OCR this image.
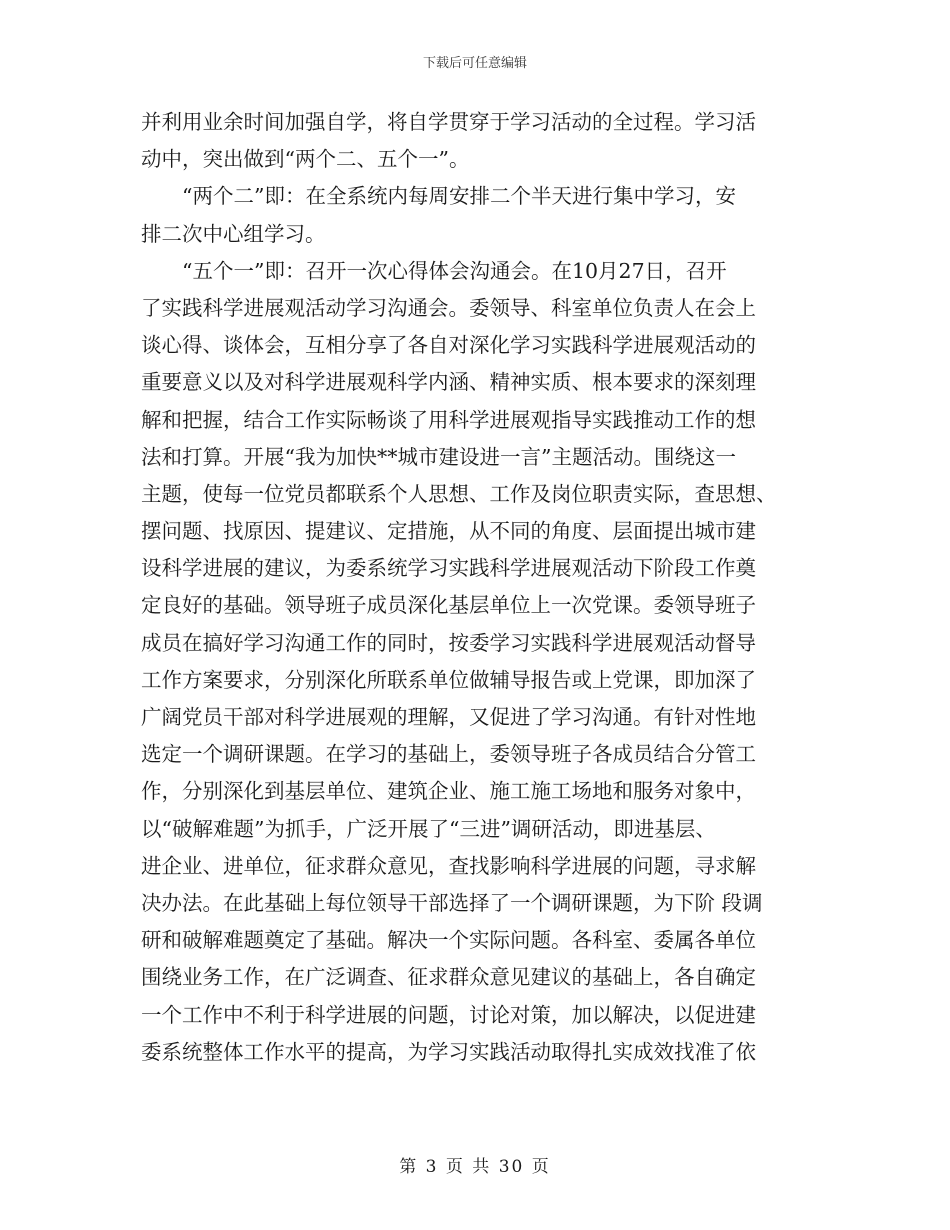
下载后可任意编辑
并利用业余时间加强自学，将自学贯穿于学习活动的全过程。学习活
动中，突出做到“两个二、五个一”。
　　“两个二”即：在全系统内每周安排二个半天进行集中学习，安
排二次中心组学习。
　　“五个一”即：召开一次心得体会沟通会。在10月27日，召开
了实践科学进展观活动学习沟通会。委领导、科室单位负责人在会上
谈心得、谈体会，互相分享了各自对深化学习实践科学进展观活动的
重要意义以及对科学进展观科学内涵、精神实质、根本要求的深刻理
解和把握，结合工作实际畅谈了用科学进展观指导实践推动工作的想
法和打算。开展“我为加快**城市建设进一言”主题活动。围绕这一
主题，使每一位党员都联系个人思想、工作及岗位职责实际，查思想、
摆问题、找原因、提建议、定措施，从不同的角度、层面提出城市建
设科学进展的建议，为委系统学习实践科学进展观活动下阶段工作奠
定良好的基础。领导班子成员深化基层单位上一次党课。委领导班子
成员在搞好学习沟通工作的同时，按委学习实践科学进展观活动督导
工作方案要求，分别深化所联系单位做辅导报告或上党课，即加深了
广阔党员干部对科学进展观的理解，又促进了学习沟通。有针对性地
选定一个调研课题。在学习的基础上，委领导班子各成员结合分管工
作，分别深化到基层单位、建筑企业、施工施工场地和服务对象中，
以“破解难题”为抓手，广泛开展了“三进”调研活动，即进基层、
进企业、进单位，征求群众意见，查找影响科学进展的问题，寻求解
决办法。在此基础上每位领导干部选择了一个调研课题，为下阶 段调
研和破解难题奠定了基础。解决一个实际问题。各科室、委属各单位
围绕业务工作，在广泛调查、征求群众意见建议的基础上，各自确定
一个工作中不利于科学进展的问题，讨论对策，加以解决，以促进建
委系统整体工作水平的提高，为学习实践活动取得扎实成效找准了依
第 3 页 共 30 页
